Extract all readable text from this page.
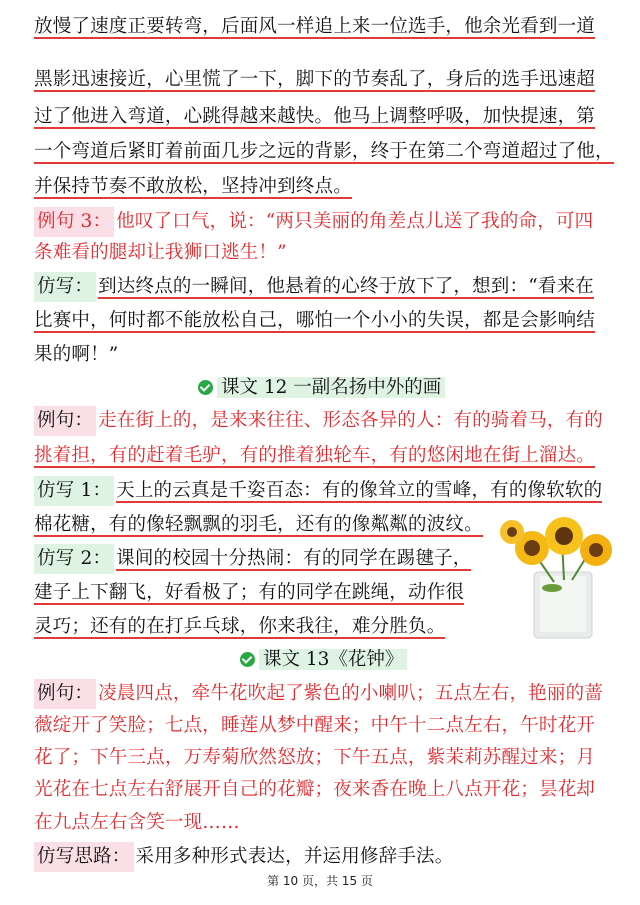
放慢了速度正要转弯，后面风一样追上来一位选手，他余光看到一道
黑影迅速接近，心里慌了一下，脚下的节奏乱了，身后的选手迅速超
过了他进入弯道，心跳得越来越快。他马上调整呼吸，加快提速，第
一个弯道后紧盯着前面几步之远的背影，终于在第二个弯道超过了他，
并保持节奏不敢放松，坚持冲到终点。
例句 3： 他叹了口气，说：“两只美丽的角差点儿送了我的命，可四
条难看的腿却让我狮口逃生！”
仿写： 到达终点的一瞬间，他悬着的心终于放下了，想到：“看来在
比赛中，何时都不能放松自己，哪怕一个小小的失误，都是会影响结
果的啊！”
课文 12 一副名扬中外的画
例句： 走在街上的，是来来往往、形态各异的人：有的骑着马，有的
挑着担，有的赶着毛驴，有的推着独轮车，有的悠闲地在街上溜达。
仿写 1： 天上的云真是千姿百态：有的像耸立的雪峰，有的像软软的
棉花糖，有的像轻飘飘的羽毛，还有的像粼粼的波纹。
仿写 2： 课间的校园十分热闹：有的同学在踢毽子，
建子上下翻飞，好看极了；有的同学在跳绳，动作很
灵巧；还有的在打乒乓球，你来我往，难分胜负。
课文 13《花钟》
例句： 凌晨四点，牵牛花吹起了紫色的小喇叭；五点左右，艳丽的蔷
薇绽开了笑脸；七点，睡莲从梦中醒来；中午十二点左右，午时花开
花了；下午三点，万寿菊欣然怒放；下午五点，紫茉莉苏醒过来；月
光花在七点左右舒展开自己的花瓣；夜来香在晚上八点开花；昙花却
在九点左右含笑一现……
仿写思路： 采用多种形式表达，并运用修辞手法。
第 10 页，共 15 页
